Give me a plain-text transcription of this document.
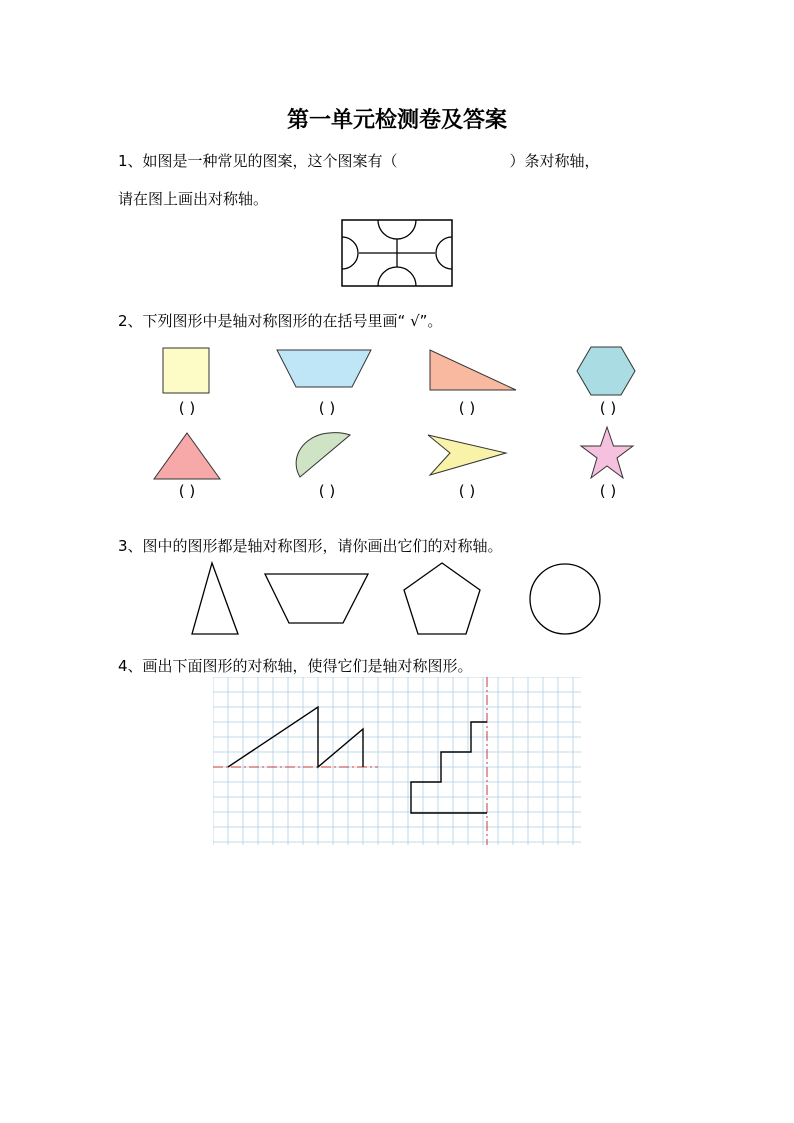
第一单元检测卷及答案
1、如图是一种常见的图案，这个图案有（	）条对称轴，
请在图上画出对称轴。
2、下列图形中是轴对称图形的在括号里画“ √”。
( )	( )	( )	( )
( )	( )	( )	( )
3、图中的图形都是轴对称图形，请你画出它们的对称轴。
4、画出下面图形的对称轴，使得它们是轴对称图形。
